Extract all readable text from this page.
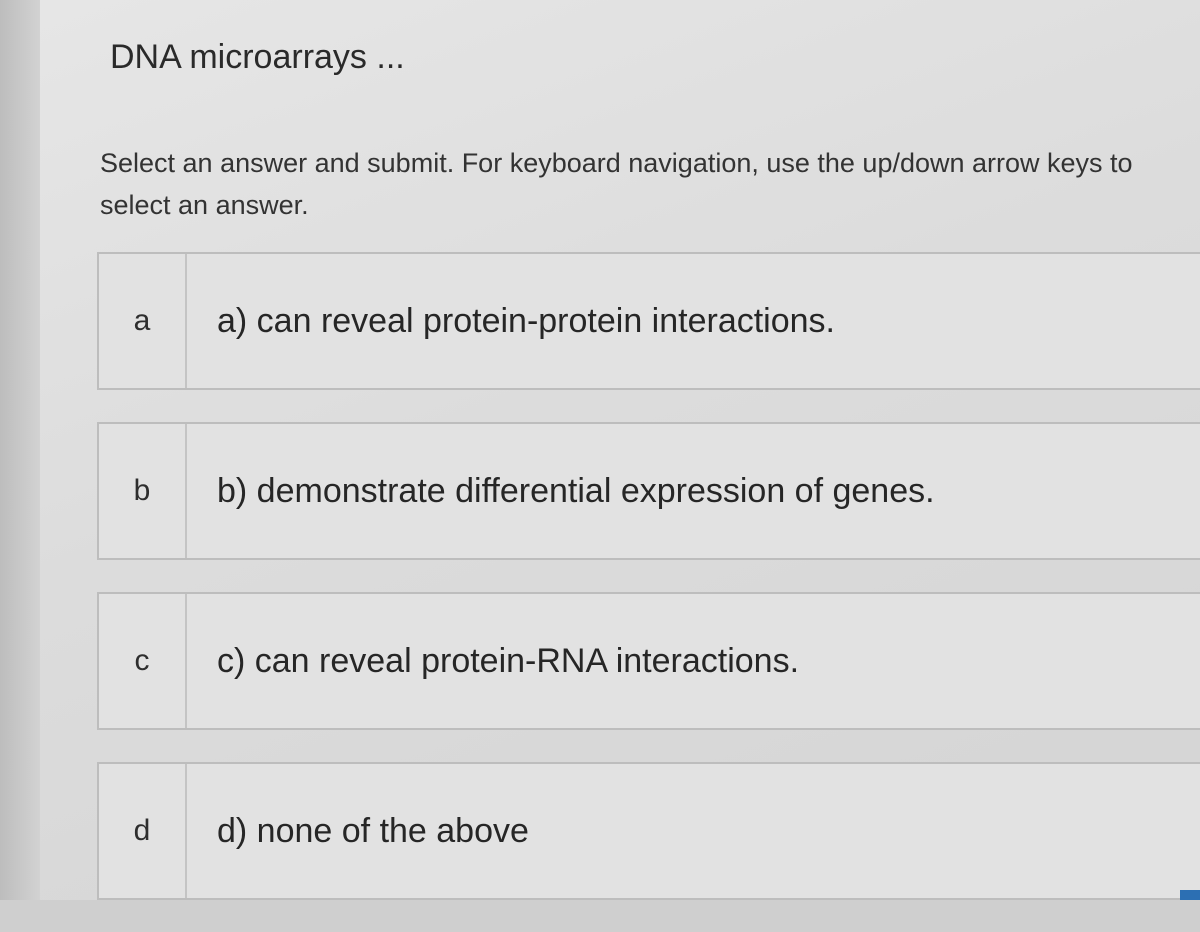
DNA microarrays ...

Select an answer and submit. For keyboard navigation, use the up/down arrow keys to select an answer.

a	a) can reveal protein-protein interactions.
b	b) demonstrate differential expression of genes.
c	c) can reveal protein-RNA interactions.
d	d) none of the above
